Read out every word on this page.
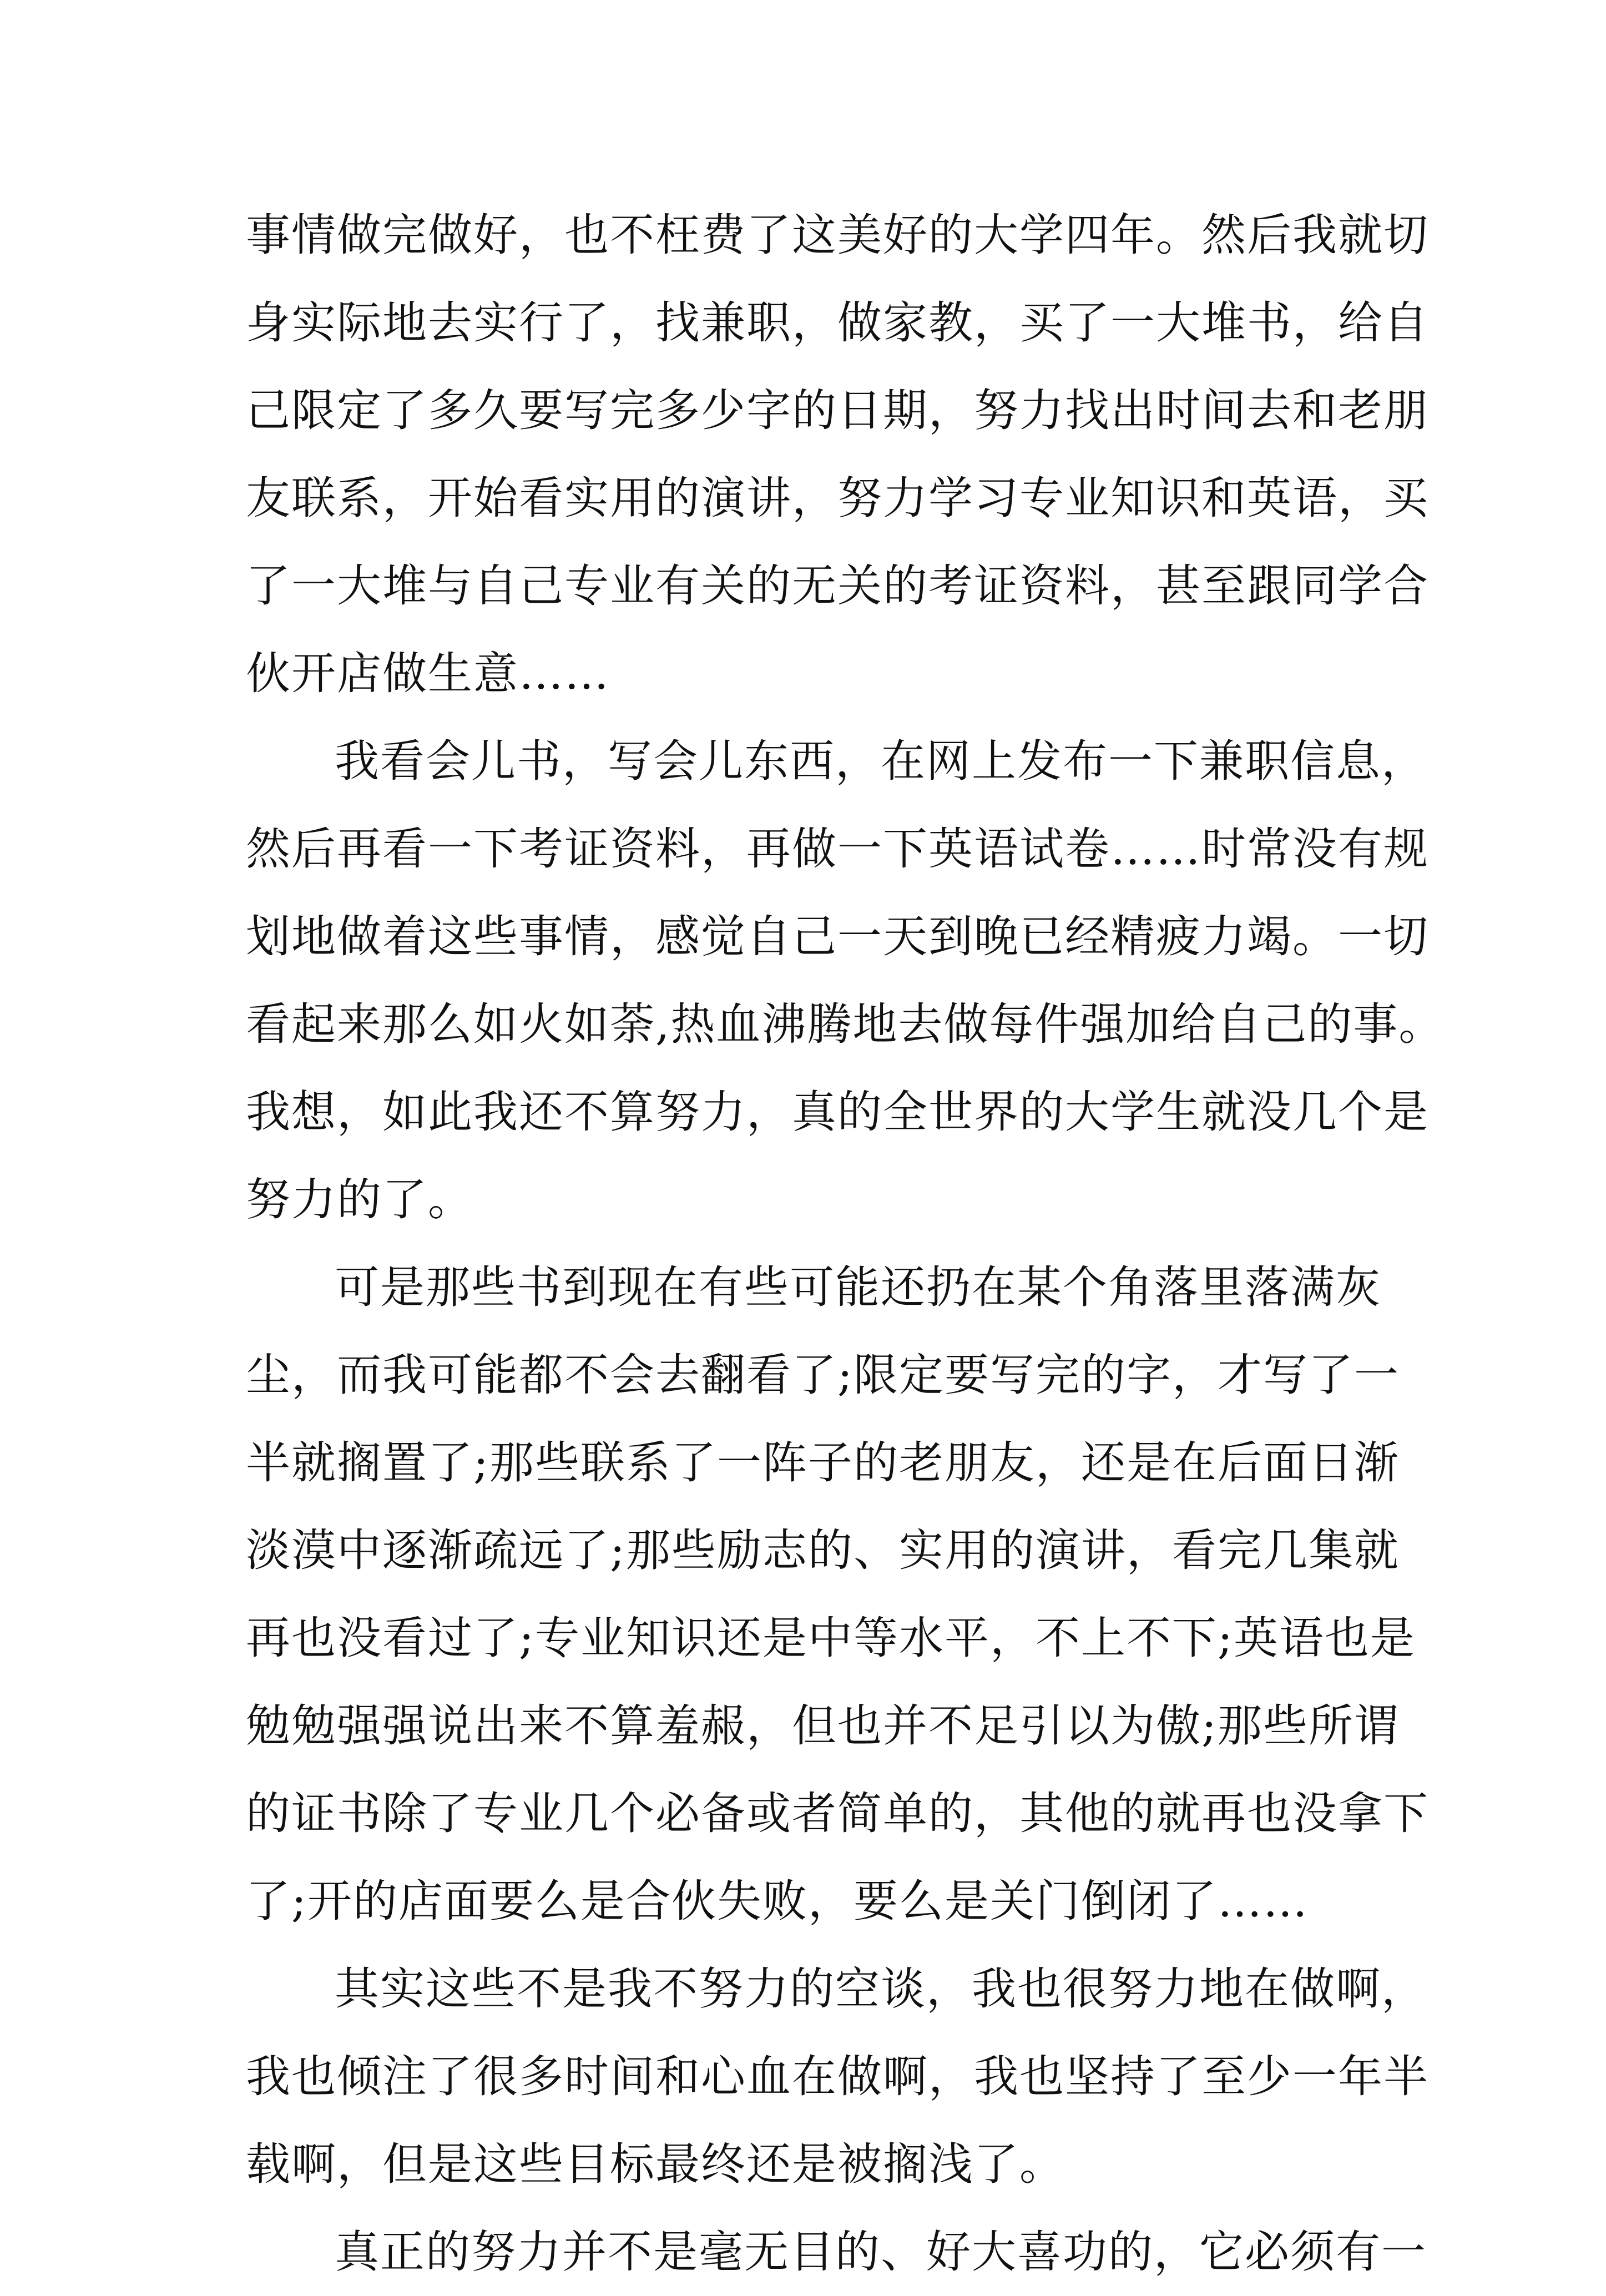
事情做完做好，也不枉费了这美好的大学四年。然后我就切
身实际地去实行了，找兼职，做家教，买了一大堆书，给自
己限定了多久要写完多少字的日期，努力找出时间去和老朋
友联系，开始看实用的演讲，努力学习专业知识和英语，买
了一大堆与自己专业有关的无关的考证资料，甚至跟同学合
伙开店做生意……
我看会儿书，写会儿东西，在网上发布一下兼职信息，
然后再看一下考证资料，再做一下英语试卷……时常没有规
划地做着这些事情，感觉自己一天到晚已经精疲力竭。一切
看起来那么如火如荼,热血沸腾地去做每件强加给自己的事。
我想，如此我还不算努力，真的全世界的大学生就没几个是
努力的了。
可是那些书到现在有些可能还扔在某个角落里落满灰
尘，而我可能都不会去翻看了;限定要写完的字，才写了一
半就搁置了;那些联系了一阵子的老朋友，还是在后面日渐
淡漠中逐渐疏远了;那些励志的、实用的演讲，看完几集就
再也没看过了;专业知识还是中等水平，不上不下;英语也是
勉勉强强说出来不算羞赧，但也并不足引以为傲;那些所谓
的证书除了专业几个必备或者简单的，其他的就再也没拿下
了;开的店面要么是合伙失败，要么是关门倒闭了……
其实这些不是我不努力的空谈，我也很努力地在做啊，
我也倾注了很多时间和心血在做啊，我也坚持了至少一年半
载啊，但是这些目标最终还是被搁浅了。
真正的努力并不是毫无目的、好大喜功的，它必须有一
